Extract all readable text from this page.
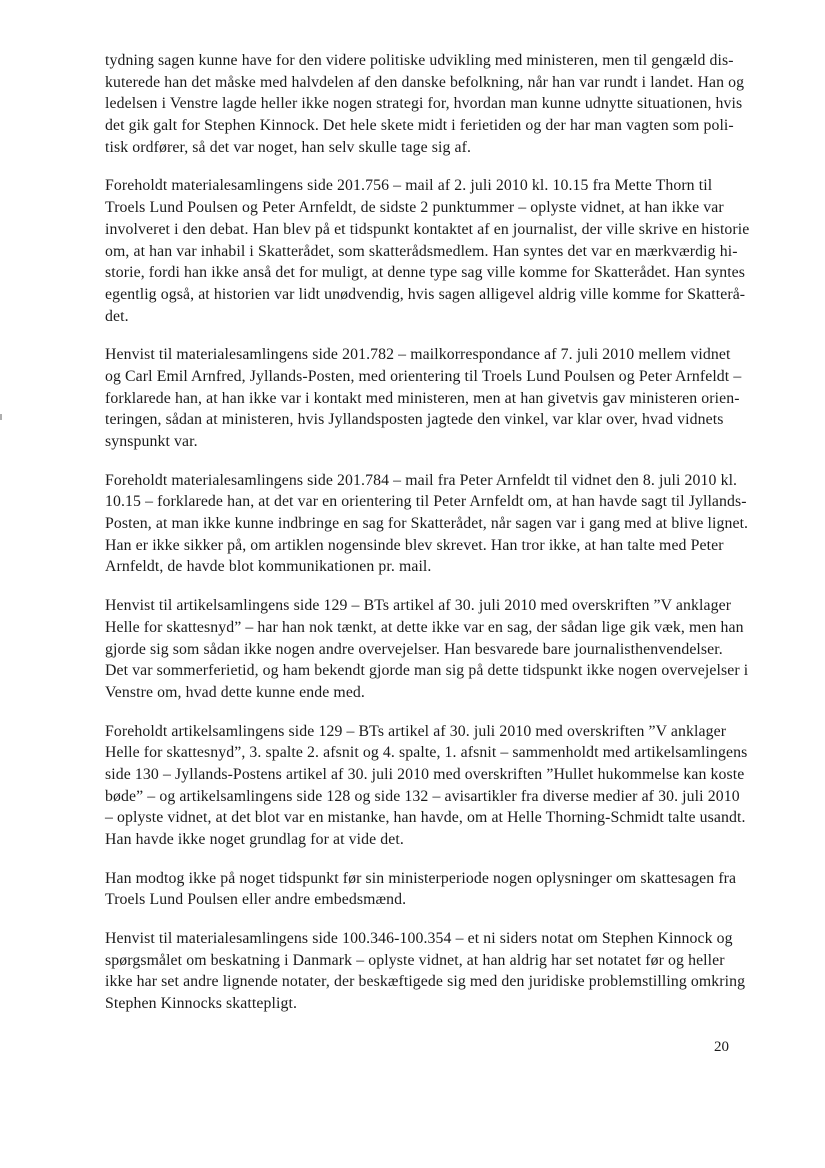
tydning sagen kunne have for den videre politiske udvikling med ministeren, men til gengæld dis-
kuterede han det måske med halvdelen af den danske befolkning, når han var rundt i landet. Han og
ledelsen i Venstre lagde heller ikke nogen strategi for, hvordan man kunne udnytte situationen, hvis
det gik galt for Stephen Kinnock. Det hele skete midt i ferietiden og der har man vagten som poli-
tisk ordfører, så det var noget, han selv skulle tage sig af.

Foreholdt materialesamlingens side 201.756 – mail af 2. juli 2010 kl. 10.15 fra Mette Thorn til
Troels Lund Poulsen og Peter Arnfeldt, de sidste 2 punktummer – oplyste vidnet, at han ikke var
involveret i den debat. Han blev på et tidspunkt kontaktet af en journalist, der ville skrive en historie
om, at han var inhabil i Skatterådet, som skatterådsmedlem. Han syntes det var en mærkværdig hi-
storie, fordi han ikke anså det for muligt, at denne type sag ville komme for Skatterådet. Han syntes
egentlig også, at historien var lidt unødvendig, hvis sagen alligevel aldrig ville komme for Skatterå-
det.

Henvist til materialesamlingens side 201.782 – mailkorrespondance af 7. juli 2010 mellem vidnet
og Carl Emil Arnfred, Jyllands-Posten, med orientering til Troels Lund Poulsen og Peter Arnfeldt –
forklarede han, at han ikke var i kontakt med ministeren, men at han givetvis gav ministeren orien-
teringen, sådan at ministeren, hvis Jyllandsposten jagtede den vinkel, var klar over, hvad vidnets
synspunkt var.

Foreholdt materialesamlingens side 201.784 – mail fra Peter Arnfeldt til vidnet den 8. juli 2010 kl.
10.15 – forklarede han, at det var en orientering til Peter Arnfeldt om, at han havde sagt til Jyllands-
Posten, at man ikke kunne indbringe en sag for Skatterådet, når sagen var i gang med at blive lignet.
Han er ikke sikker på, om artiklen nogensinde blev skrevet. Han tror ikke, at han talte med Peter
Arnfeldt, de havde blot kommunikationen pr. mail.

Henvist til artikelsamlingens side 129 – BTs artikel af 30. juli 2010 med overskriften ”V anklager
Helle for skattesnyd” – har han nok tænkt, at dette ikke var en sag, der sådan lige gik væk, men han
gjorde sig som sådan ikke nogen andre overvejelser. Han besvarede bare journalisthenvendelser.
Det var sommerferietid, og ham bekendt gjorde man sig på dette tidspunkt ikke nogen overvejelser i
Venstre om, hvad dette kunne ende med.

Foreholdt artikelsamlingens side 129 – BTs artikel af 30. juli 2010 med overskriften ”V anklager
Helle for skattesnyd”, 3. spalte 2. afsnit og 4. spalte, 1. afsnit – sammenholdt med artikelsamlingens
side 130 – Jyllands-Postens artikel af 30. juli 2010 med overskriften ”Hullet hukommelse kan koste
bøde” – og artikelsamlingens side 128 og side 132 – avisartikler fra diverse medier af 30. juli 2010
– oplyste vidnet, at det blot var en mistanke, han havde, om at Helle Thorning-Schmidt talte usandt.
Han havde ikke noget grundlag for at vide det.

Han modtog ikke på noget tidspunkt før sin ministerperiode nogen oplysninger om skattesagen fra
Troels Lund Poulsen eller andre embedsmænd.

Henvist til materialesamlingens side 100.346-100.354 – et ni siders notat om Stephen Kinnock og
spørgsmålet om beskatning i Danmark – oplyste vidnet, at han aldrig har set notatet før og heller
ikke har set andre lignende notater, der beskæftigede sig med den juridiske problemstilling omkring
Stephen Kinnocks skattepligt.

20
